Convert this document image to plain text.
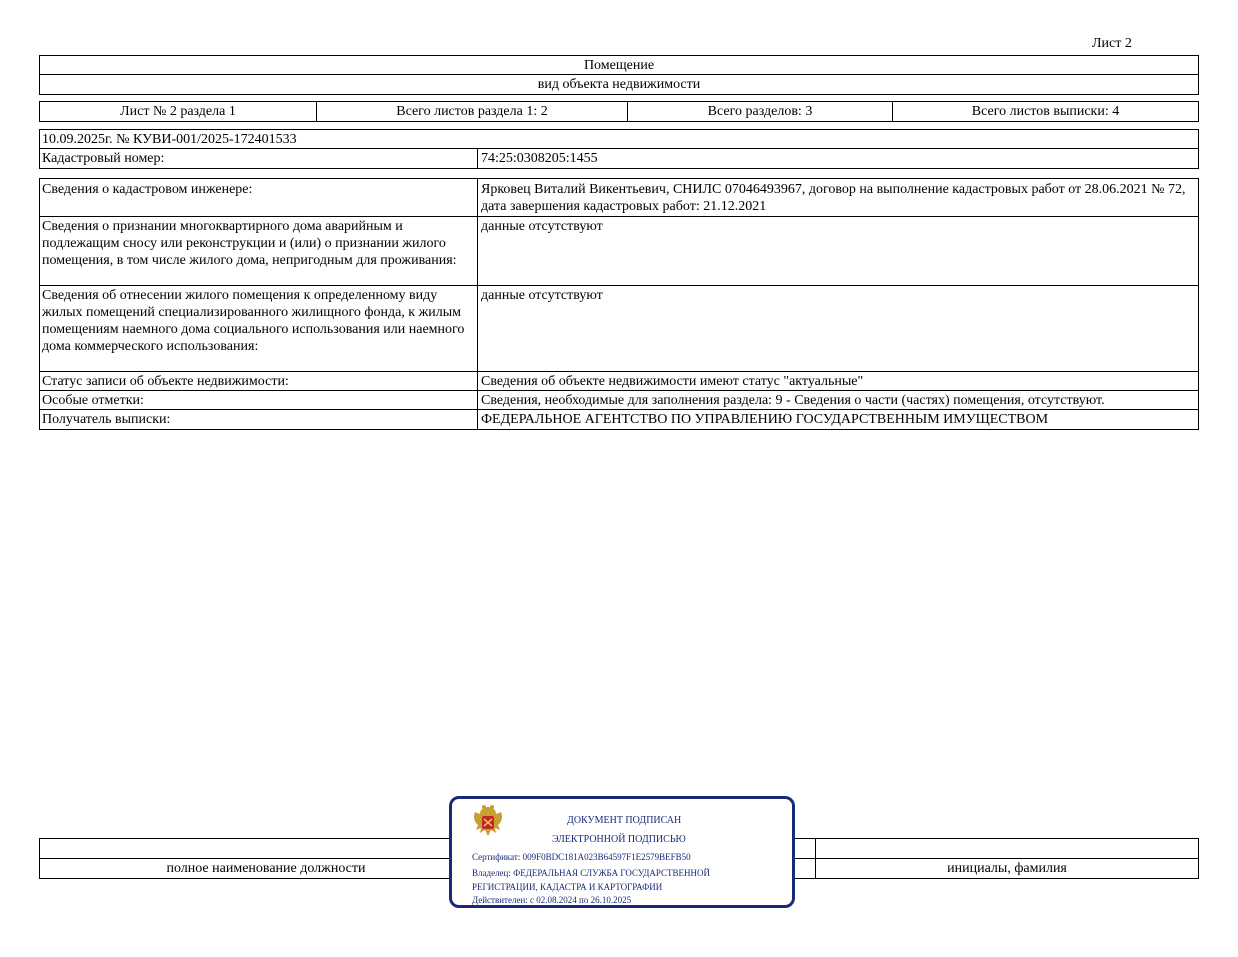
Лист 2
Помещение
вид объекта недвижимости
Лист № 2 раздела 1	Всего листов раздела 1: 2	Всего разделов: 3	Всего листов выписки: 4
10.09.2025г. № КУВИ-001/2025-172401533
Кадастровый номер:	74:25:0308205:1455
Сведения о кадастровом инженере:	Ярковец Виталий Викентьевич, СНИЛС 07046493967, договор на выполнение кадастровых работ от 28.06.2021 № 72, дата завершения кадастровых работ: 21.12.2021
Сведения о признании многоквартирного дома аварийным и подлежащим сносу или реконструкции и (или) о признании жилого помещения, в том числе жилого дома, непригодным для проживания:
данные отсутствуют
Сведения об отнесении жилого помещения к определенному виду жилых помещений специализированного жилищного фонда, к жилым помещениям наемного дома социального использования или наемного дома коммерческого использования:
данные отсутствуют
Статус записи об объекте недвижимости:	Сведения об объекте недвижимости имеют статус "актуальные"
Особые отметки:	Сведения, необходимые для заполнения раздела: 9 - Сведения о части (частях) помещения, отсутствуют.
Получатель выписки:	ФЕДЕРАЛЬНОЕ АГЕНТСТВО ПО УПРАВЛЕНИЮ ГОСУДАРСТВЕННЫМ ИМУЩЕСТВОМ
полное наименование должности	инициалы, фамилия
ДОКУМЕНТ ПОДПИСАН
ЭЛЕКТРОННОЙ ПОДПИСЬЮ
Сертификат: 009F0BDC181A023B64597F1E2579BEFB50
Владелец: ФЕДЕРАЛЬНАЯ СЛУЖБА ГОСУДАРСТВЕННОЙ
РЕГИСТРАЦИИ, КАДАСТРА И КАРТОГРАФИИ
Действителен: с 02.08.2024 по 26.10.2025
